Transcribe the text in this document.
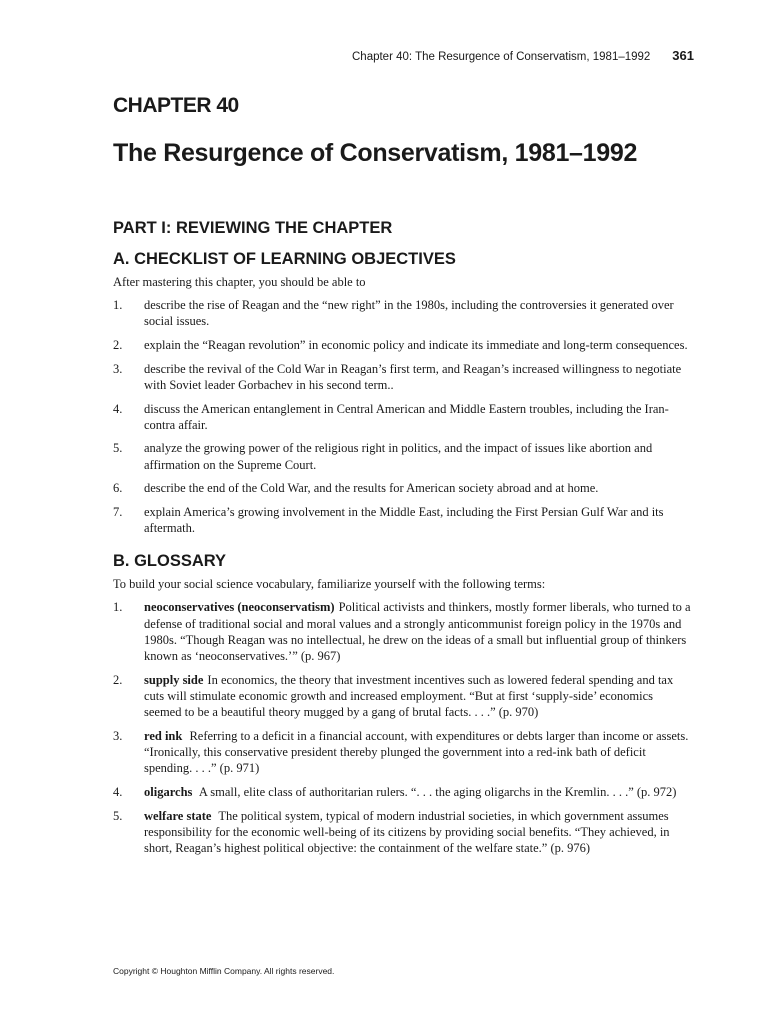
Chapter 40: The Resurgence of Conservatism, 1981–1992 361
CHAPTER 40
The Resurgence of Conservatism, 1981–1992
PART I: REVIEWING THE CHAPTER
A. CHECKLIST OF LEARNING OBJECTIVES

After mastering this chapter, you should be able to

1.	describe the rise of Reagan and the “new right” in the 1980s, including the controversies it generated over social issues.
2.	explain the “Reagan revolution” in economic policy and indicate its immediate and long-term consequences.
3.	describe the revival of the Cold War in Reagan’s first term, and Reagan’s increased willingness to negotiate with Soviet leader Gorbachev in his second term..
4.	discuss the American entanglement in Central American and Middle Eastern troubles, including the Iran-contra affair.
5.	analyze the growing power of the religious right in politics, and the impact of issues like abortion and affirmation on the Supreme Court.
6.	describe the end of the Cold War, and the results for American society abroad and at home.
7.	explain America’s growing involvement in the Middle East, including the First Persian Gulf War and its aftermath.
B. GLOSSARY

To build your social science vocabulary, familiarize yourself with the following terms:

1.	neoconservatives (neoconservatism) Political activists and thinkers, mostly former liberals, who turned to a defense of traditional social and moral values and a strongly anticommunist foreign policy in the 1970s and 1980s. “Though Reagan was no intellectual, he drew on the ideas of a small but influential group of thinkers known as ‘neoconservatives.’” (p. 967)
2.	supply side In economics, the theory that investment incentives such as lowered federal spending and tax cuts will stimulate economic growth and increased employment. “But at first ‘supply-side’ economics seemed to be a beautiful theory mugged by a gang of brutal facts. . . .” (p. 970)
3.	red ink Referring to a deficit in a financial account, with expenditures or debts larger than income or assets. “Ironically, this conservative president thereby plunged the government into a red-ink bath of deficit spending. . . .” (p. 971)
4.	oligarchs A small, elite class of authoritarian rulers. “. . . the aging oligarchs in the Kremlin. . . .” (p. 972)
5.	welfare state The political system, typical of modern industrial societies, in which government assumes responsibility for the economic well-being of its citizens by providing social benefits. “They achieved, in short, Reagan’s highest political objective: the containment of the welfare state.” (p. 976)
Copyright © Houghton Mifflin Company. All rights reserved.
